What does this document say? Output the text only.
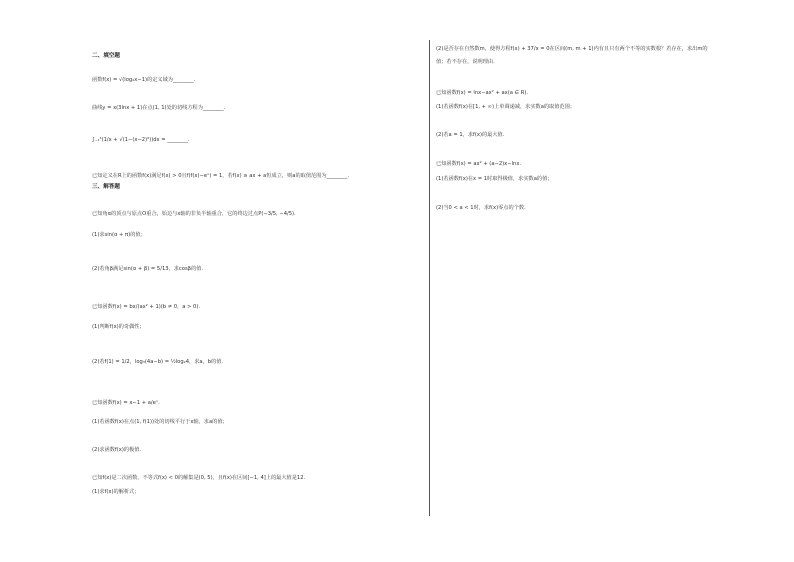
二、填空题
函数f(x) = √(log₂x−1)的定义域为________.
曲线y = x(3lnx + 1)在点(1, 1)处的切线方程为________.
∫₋₁¹(1/x + √(1−(x−2)²))dx = ________.
已知定义在R上的函数f(x)满足f(x) > 0且f(f(x)−eˣ) = 1，若f(x) ≥ ax + a恒成立，则a的取值范围为________.
三、解答题
已知角α的顶点与原点O重合，始边与x轴的非负半轴重合，它的终边过点P(−3/5, −4/5).
(1)求sin(α + π)的值；
(2)若角β满足sin(α + β) = 5/13，求cosβ的值.
已知函数f(x) = bx/(ax² + 1)(b ≠ 0，a > 0).
(1)判断f(x)的奇偶性；
(2)若f(1) = 1/2，log₃(4a−b) = ½log₂4，求a，b的值.
已知函数f(x) = x−1 + a/eˣ.
(1)若函数f(x)在点(1, f(1))处的切线平行于x轴，求a的值；
(2)求函数f(x)的极值.
已知f(x)是二次函数，不等式f(x) < 0的解集是(0, 5)，且f(x)在区间[−1, 4]上的最大值是12.
(1)求f(x)的解析式；
(2)是否存在自然数m，使得方程f(x) + 37/x = 0在区间(m, m + 1)内有且只有两个不等的实数根？若存在，求出m的
值；若不存在，说明理由.
已知函数f(x) = lnx−ax² + ax(a ∈ R).
(1)若函数f(x)在[1, + ∞)上单调递减，求实数a的取值范围；
(2)若a = 1，求f(x)的最大值.
已知函数f(x) = ax² + (a−2)x−lnx.
(1)若函数f(x)在x = 1时取得极值，求实数a的值；
(2)当0 < a < 1时，求f(x)零点的个数.
